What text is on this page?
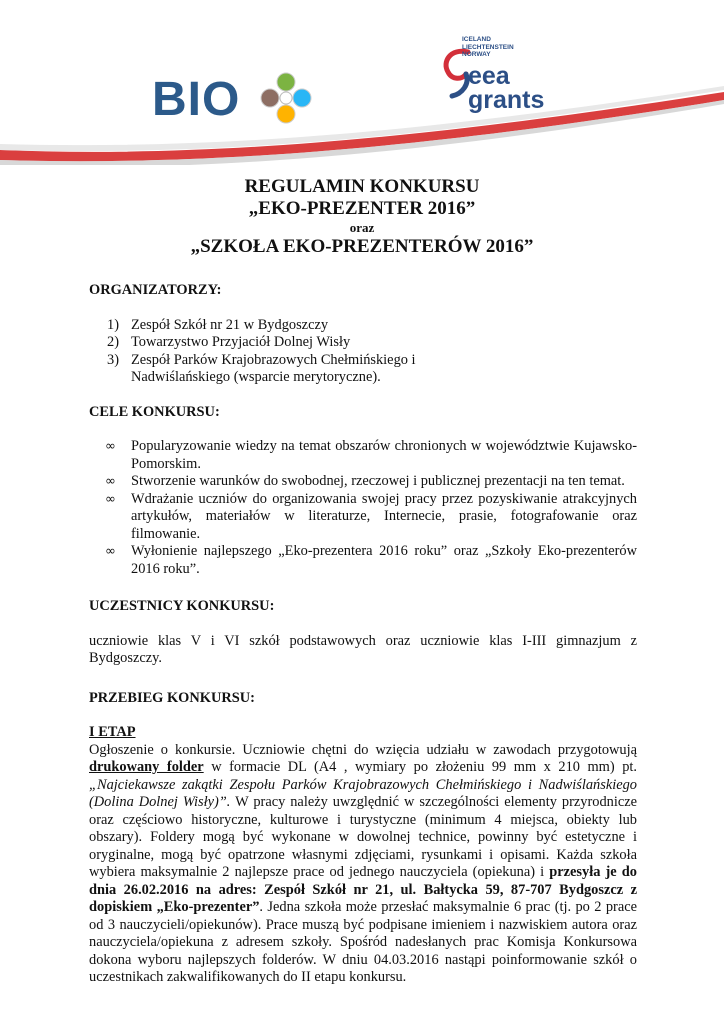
BIO
ICELAND
LIECHTENSTEIN
NORWAY
eea
grants
REGULAMIN KONKURSU
„EKO-PREZENTER 2016”
oraz
„SZKOŁA EKO-PREZENTERÓW 2016”
ORGANIZATORZY:
1) Zespół Szkół nr 21 w Bydgoszczy
2) Towarzystwo Przyjaciół Dolnej Wisły
3) Zespół Parków Krajobrazowych Chełmińskiego i Nadwiślańskiego (wsparcie merytoryczne).
CELE KONKURSU:
∞ Popularyzowanie wiedzy na temat obszarów chronionych w województwie Kujawsko-Pomorskim.
∞ Stworzenie warunków do swobodnej, rzeczowej i publicznej prezentacji na ten temat.
∞ Wdrażanie uczniów do organizowania swojej pracy przez pozyskiwanie atrakcyjnych artykułów, materiałów w literaturze, Internecie, prasie, fotografowanie oraz filmowanie.
∞ Wyłonienie najlepszego „Eko-prezentera 2016 roku” oraz „Szkoły Eko-prezenterów 2016 roku”.
UCZESTNICY KONKURSU:

uczniowie klas V i VI szkół podstawowych oraz uczniowie klas I-III gimnazjum z Bydgoszczy.

PRZEBIEG KONKURSU:
I ETAP

Ogłoszenie o konkursie. Uczniowie chętni do wzięcia udziału w zawodach przygotowują drukowany folder w formacie DL (A4 , wymiary po złożeniu 99 mm x 210 mm) pt. „Najciekawsze zakątki Zespołu Parków Krajobrazowych Chełmińskiego i Nadwiślańskiego (Dolina Dolnej Wisły)”. W pracy należy uwzględnić w szczególności elementy przyrodnicze oraz częściowo historyczne, kulturowe i turystyczne (minimum 4 miejsca, obiekty lub obszary). Foldery mogą być wykonane w dowolnej technice, powinny być estetyczne i oryginalne, mogą być opatrzone własnymi zdjęciami, rysunkami i opisami. Każda szkoła wybiera maksymalnie 2 najlepsze prace od jednego nauczyciela (opiekuna) i przesyła je do dnia 26.02.2016 na adres: Zespół Szkół nr 21, ul. Bałtycka 59, 87-707 Bydgoszcz z dopiskiem „Eko-prezenter”. Jedna szkoła może przesłać maksymalnie 6 prac (tj. po 2 prace od 3 nauczycieli/opiekunów). Prace muszą być podpisane imieniem i nazwiskiem autora oraz nauczyciela/opiekuna z adresem szkoły. Spośród nadesłanych prac Komisja Konkursowa dokona wyboru najlepszych folderów. W dniu 04.03.2016 nastąpi poinformowanie szkół o uczestnikach zakwalifikowanych do II etapu konkursu.
